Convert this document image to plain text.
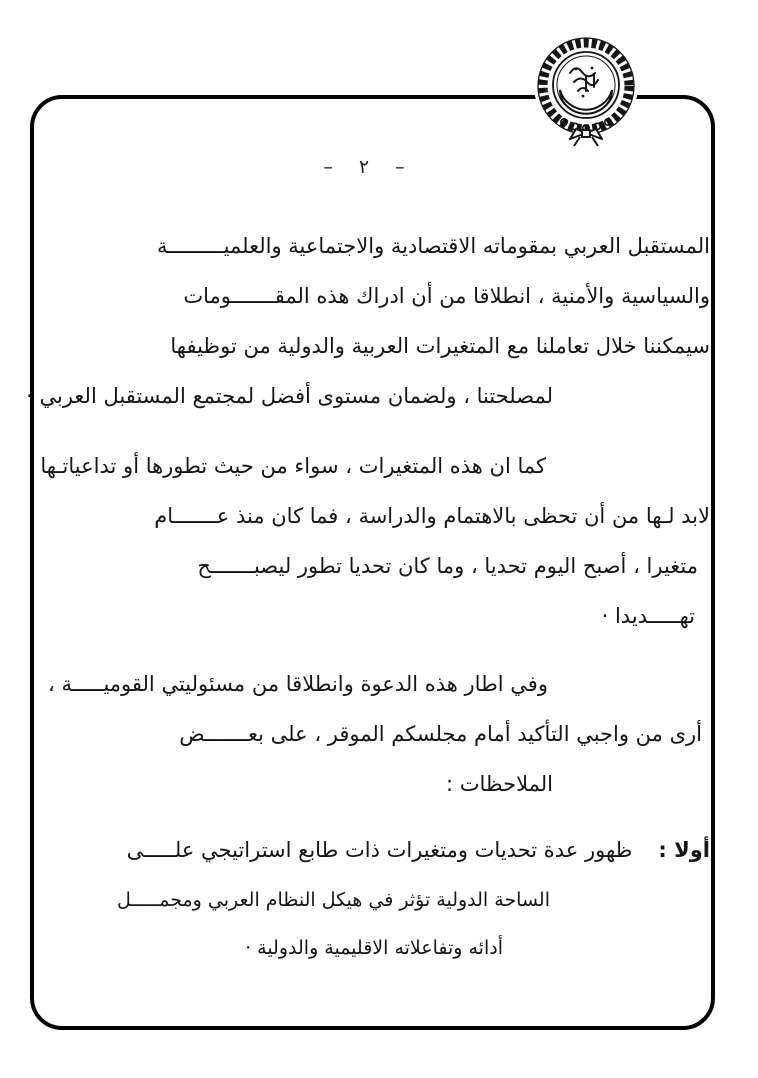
– ٢ –
المستقبل العربي بمقوماته الاقتصادية والاجتماعية والعلميـــــــــة
والسياسية والأمنية ، انطلاقا من أن ادراك هذه المقـــــــومات
سيمكننا خلال تعاملنا مع المتغيرات العربية والدولية من توظيفها
لمصلحتنا ، ولضمان مستوى أفضل لمجتمع المستقبل العربي ·
كما ان هذه المتغيرات ، سواء من حيث تطورها أو تداعياتـها
لابد لـها من أن تحظى بالاهتمام والدراسة ، فما كان منذ عـــــــام
متغيرا ، أصبح اليوم تحديا ، وما كان تحديا تطور ليصبـــــــح
تهـــــديدا ·
وفي اطار هذه الدعوة وانطلاقا من مسئوليتي القوميـــــة ،
أرى من واجبي التأكيد أمام مجلسكم الموقر ، على بعـــــــض
الملاحظات :
أولا :ظهور عدة تحديات ومتغيرات ذات طابع استراتيجي علـــــى
الساحة الدولية تؤثر في هيكل النظام العربي ومجمـــــل
أدائه وتفاعلاته الاقليمية والدولية ·
